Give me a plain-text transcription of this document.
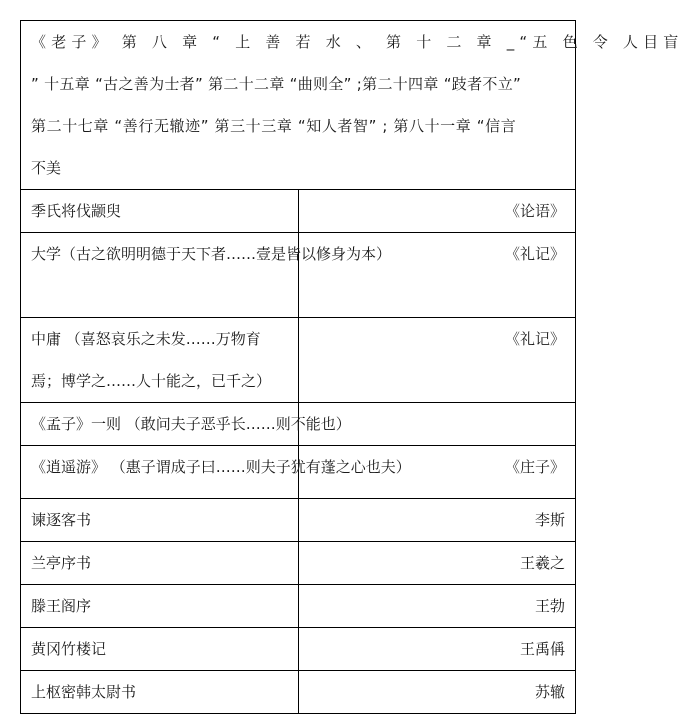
《老子》 第 八 章 “ 上 善 若 水 、 第 十 二 章 _“五 色 令 人目盲
” 十五章 “古之善为士者” 第二十二章 “曲则全” ;第二十四章 “跂者不立”
第二十七章 “善行无辙迹” 第三十三章 “知人者智” ; 第八十一章 “信言
不美	

季氏将伐颛臾	《论语》
大学（古之欲明明德于天下者……壹是皆以修身为本）	《礼记》
中庸 （喜怒哀乐之未发……万物育焉；博学之……人十能之，已千之）	《礼记》
《孟子》一则 （敢问夫子恶乎长……则不能也）	
《逍遥游》 （惠子谓成子曰……则夫子犹有蓬之心也夫）	《庄子》
谏逐客书	李斯
兰亭序书	王羲之
滕王阁序	王勃
黄冈竹楼记	王禹偁
上枢密韩太尉书	苏辙
